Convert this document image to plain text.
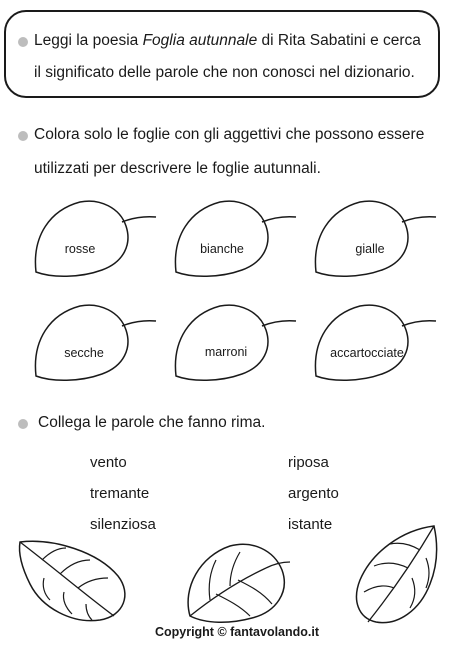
Leggi la poesia Foglia autunnale di Rita Sabatini e cerca
il significato delle parole che non conosci nel dizionario.
Colora solo le foglie con gli aggettivi che possono essere
utilizzati per descrivere le foglie autunnali.
rosse	bianche	gialle
secche	marroni	accartocciate
Collega le parole che fanno rima.
vento
tremante
silenziosa
riposa
argento
istante
Copyright © fantavolando.it
